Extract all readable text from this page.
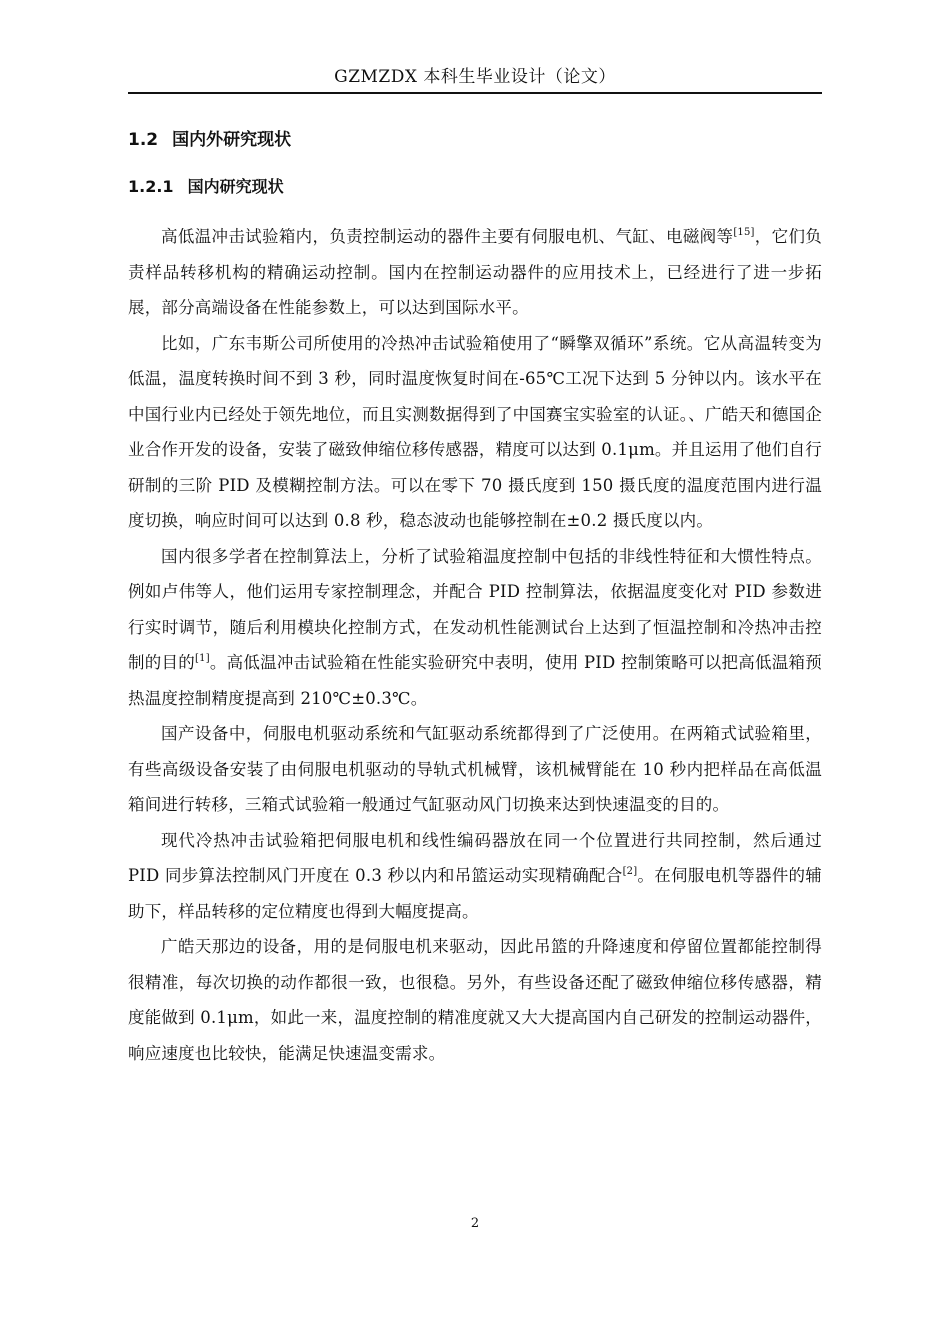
GZMZDX 本科生毕业设计（论文）
1.2 国内外研究现状
1.2.1 国内研究现状

高低温冲击试验箱内，负责控制运动的器件主要有伺服电机、气缸、电磁阀等[15]，它们负责样品转移机构的精确运动控制。国内在控制运动器件的应用技术上，已经进行了进一步拓展，部分高端设备在性能参数上，可以达到国际水平。

比如，广东韦斯公司所使用的冷热冲击试验箱使用了“瞬擎双循环”系统。它从高温转变为低温，温度转换时间不到 3 秒，同时温度恢复时间在-65℃工况下达到 5 分钟以内。该水平在中国行业内已经处于领先地位，而且实测数据得到了中国赛宝实验室的认证。、广皓天和德国企业合作开发的设备，安装了磁致伸缩位移传感器，精度可以达到 0.1μm。并且运用了他们自行研制的三阶 PID 及模糊控制方法。可以在零下 70 摄氏度到 150 摄氏度的温度范围内进行温度切换，响应时间可以达到 0.8 秒，稳态波动也能够控制在±0.2 摄氏度以内。

国内很多学者在控制算法上，分析了试验箱温度控制中包括的非线性特征和大惯性特点。例如卢伟等人，他们运用专家控制理念，并配合 PID 控制算法，依据温度变化对 PID 参数进行实时调节，随后利用模块化控制方式，在发动机性能测试台上达到了恒温控制和冷热冲击控制的目的[1]。高低温冲击试验箱在性能实验研究中表明，使用 PID 控制策略可以把高低温箱预热温度控制精度提高到 210℃±0.3℃。

国产设备中，伺服电机驱动系统和气缸驱动系统都得到了广泛使用。在两箱式试验箱里，有些高级设备安装了由伺服电机驱动的导轨式机械臂，该机械臂能在 10 秒内把样品在高低温箱间进行转移，三箱式试验箱一般通过气缸驱动风门切换来达到快速温变的目的。

现代冷热冲击试验箱把伺服电机和线性编码器放在同一个位置进行共同控制，然后通过 PID 同步算法控制风门开度在 0.3 秒以内和吊篮运动实现精确配合[2]。在伺服电机等器件的辅助下，样品转移的定位精度也得到大幅度提高。

广皓天那边的设备，用的是伺服电机来驱动，因此吊篮的升降速度和停留位置都能控制得很精准，每次切换的动作都很一致，也很稳。另外，有些设备还配了磁致伸缩位移传感器，精度能做到 0.1μm，如此一来，温度控制的精准度就又大大提高国内自己研发的控制运动器件，响应速度也比较快，能满足快速温变需求。

2
